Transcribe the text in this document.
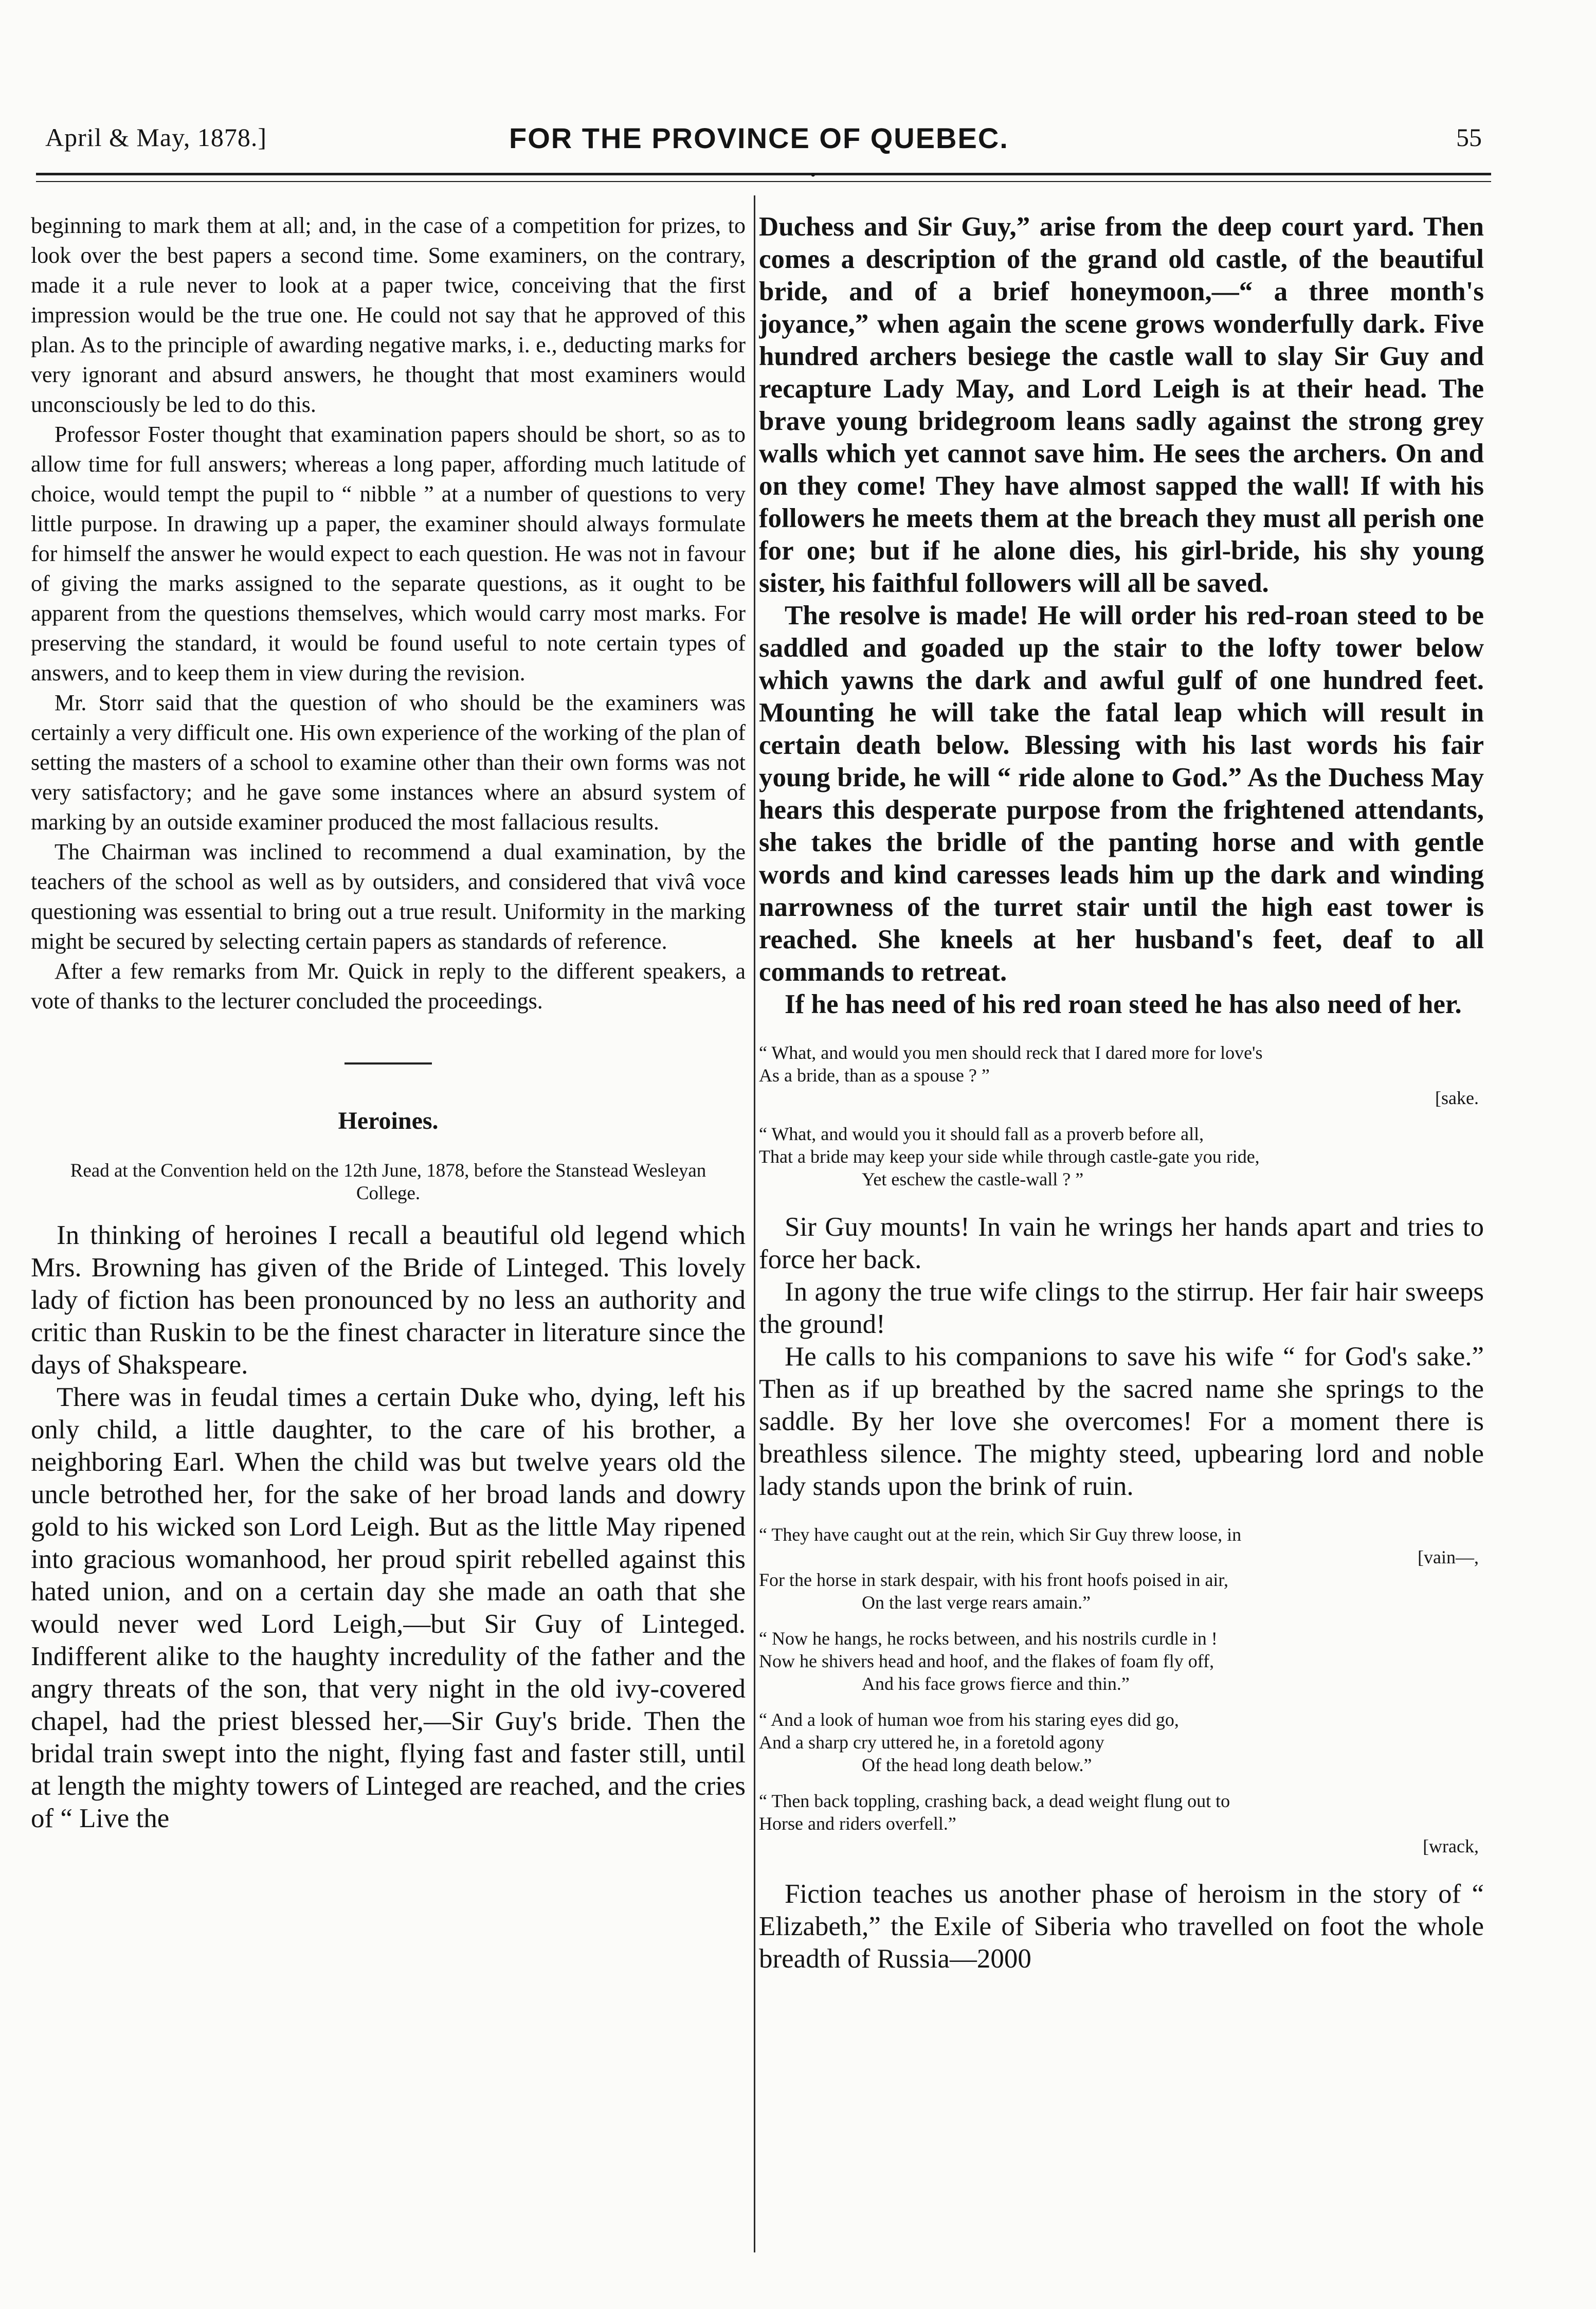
April & May, 1878.]	FOR THE PROVINCE OF QUEBEC.	55
•

beginning to mark them at all; and, in the case of a competition for prizes, to look over the best papers a second time. Some examiners, on the contrary, made it a rule never to look at a paper twice, conceiving that the first impression would be the true one. He could not say that he approved of this plan. As to the principle of awarding negative marks, i. e., deducting marks for very ignorant and absurd answers, he thought that most examiners would unconsciously be led to do this.

Professor Foster thought that examination papers should be short, so as to allow time for full answers; whereas a long paper, affording much latitude of choice, would tempt the pupil to “ nibble ” at a number of questions to very little purpose. In drawing up a paper, the examiner should always formulate for himself the answer he would expect to each question. He was not in favour of giving the marks assigned to the separate questions, as it ought to be apparent from the questions themselves, which would carry most marks. For preserving the standard, it would be found useful to note certain types of answers, and to keep them in view during the revision.

Mr. Storr said that the question of who should be the examiners was certainly a very difficult one. His own experience of the working of the plan of setting the masters of a school to examine other than their own forms was not very satisfactory; and he gave some instances where an absurd system of marking by an outside examiner produced the most fallacious results.

The Chairman was inclined to recommend a dual examination, by the teachers of the school as well as by outsiders, and considered that vivâ voce questioning was essential to bring out a true result. Uniformity in the marking might be secured by selecting certain papers as standards of reference.

After a few remarks from Mr. Quick in reply to the different speakers, a vote of thanks to the lecturer concluded the proceedings.

Heroines.
Read at the Convention held on the 12th June, 1878, before the Stanstead Wesleyan College.

In thinking of heroines I recall a beautiful old legend which Mrs. Browning has given of the Bride of Linteged. This lovely lady of fiction has been pronounced by no less an authority and critic than Ruskin to be the finest character in literature since the days of Shakspeare.

There was in feudal times a certain Duke who, dying, left his only child, a little daughter, to the care of his brother, a neighboring Earl. When the child was but twelve years old the uncle betrothed her, for the sake of her broad lands and dowry gold to his wicked son Lord Leigh. But as the little May ripened into gracious womanhood, her proud spirit rebelled against this hated union, and on a certain day she made an oath that she would never wed Lord Leigh,—but Sir Guy of Linteged. Indifferent alike to the haughty incredulity of the father and the angry threats of the son, that very night in the old ivy-covered chapel, had the priest blessed her,—Sir Guy's bride. Then the bridal train swept into the night, flying fast and faster still, until at length the mighty towers of Linteged are reached, and the cries of “ Live the

Duchess and Sir Guy,” arise from the deep court yard. Then comes a description of the grand old castle, of the beautiful bride, and of a brief honeymoon,—“ a three month's joyance,” when again the scene grows wonderfully dark. Five hundred archers besiege the castle wall to slay Sir Guy and recapture Lady May, and Lord Leigh is at their head. The brave young bridegroom leans sadly against the strong grey walls which yet cannot save him. He sees the archers. On and on they come! They have almost sapped the wall! If with his followers he meets them at the breach they must all perish one for one; but if he alone dies, his girl-bride, his shy young sister, his faithful followers will all be saved.

The resolve is made! He will order his red-roan steed to be saddled and goaded up the stair to the lofty tower below which yawns the dark and awful gulf of one hundred feet. Mounting he will take the fatal leap which will result in certain death below. Blessing with his last words his fair young bride, he will “ ride alone to God.” As the Duchess May hears this desperate purpose from the frightened attendants, she takes the bridle of the panting horse and with gentle words and kind caresses leads him up the dark and winding narrowness of the turret stair until the high east tower is reached. She kneels at her husband's feet, deaf to all commands to retreat.

If he has need of his red roan steed he has also need of her.

“ What, and would you men should reck that I dared more for love's
As a bride, than as a spouse ? ”
[sake.
“ What, and would you it should fall as a proverb before all,
That a bride may keep your side while through castle-gate you ride,
Yet eschew the castle-wall ? ”

Sir Guy mounts! In vain he wrings her hands apart and tries to force her back.

In agony the true wife clings to the stirrup. Her fair hair sweeps the ground!

He calls to his companions to save his wife “ for God's sake.” Then as if up breathed by the sacred name she springs to the saddle. By her love she overcomes! For a moment there is breathless silence. The mighty steed, upbearing lord and noble lady stands upon the brink of ruin.

“ They have caught out at the rein, which Sir Guy threw loose, in
[vain—,
For the horse in stark despair, with his front hoofs poised in air,
On the last verge rears amain.”
“ Now he hangs, he rocks between, and his nostrils curdle in !
Now he shivers head and hoof, and the flakes of foam fly off,
And his face grows fierce and thin.”
“ And a look of human woe from his staring eyes did go,
And a sharp cry uttered he, in a foretold agony
Of the head long death below.”
“ Then back toppling, crashing back, a dead weight flung out to
Horse and riders overfell.”
[wrack,

Fiction teaches us another phase of heroism in the story of “ Elizabeth,” the Exile of Siberia who travelled on foot the whole breadth of Russia—2000
